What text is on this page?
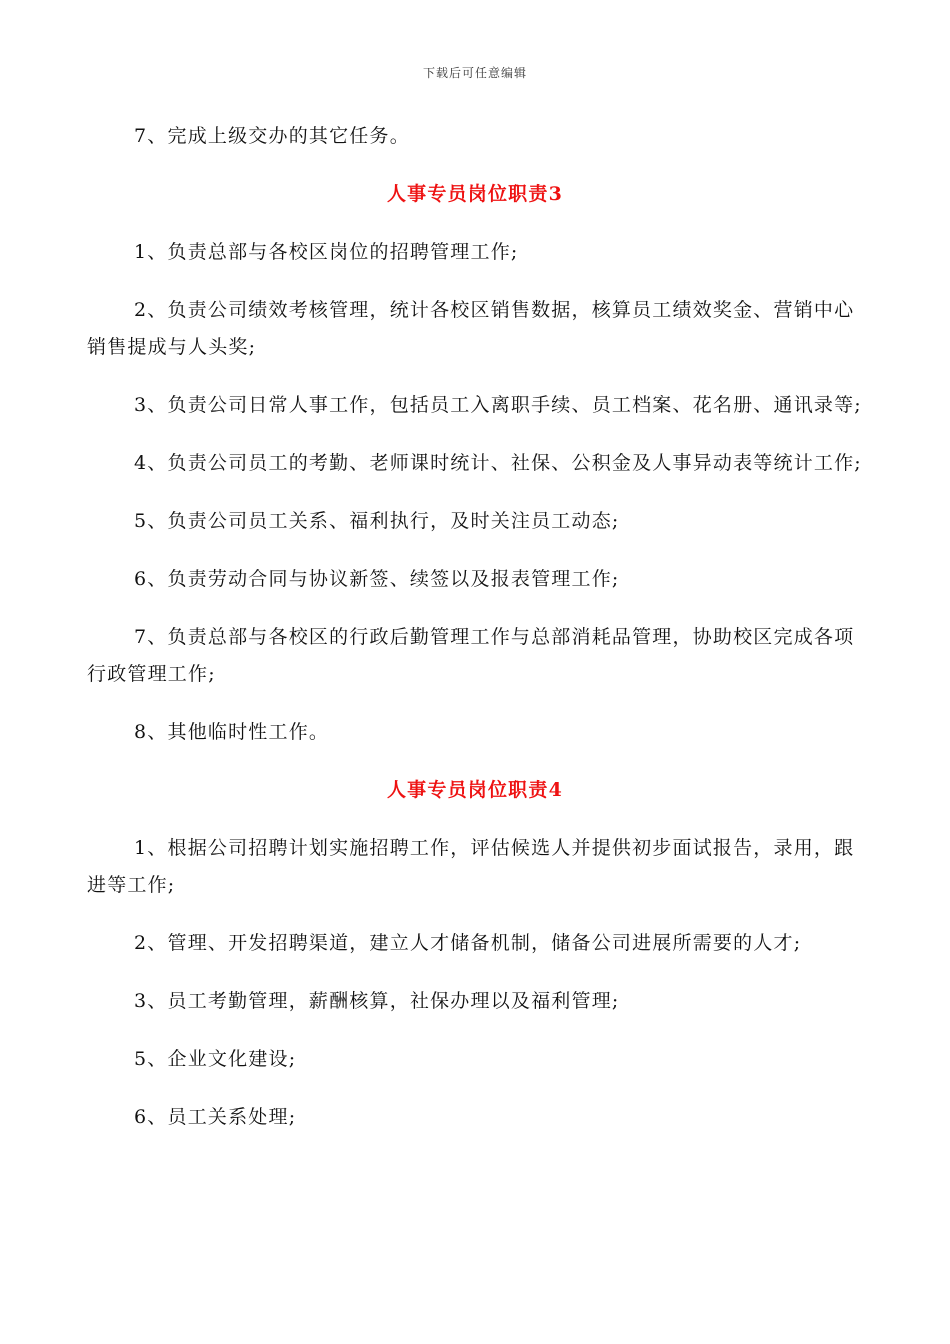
下载后可任意编辑

7、完成上级交办的其它任务。

人事专员岗位职责3

1、负责总部与各校区岗位的招聘管理工作;

2、负责公司绩效考核管理，统计各校区销售数据，核算员工绩效奖金、营销中心销售提成与人头奖;

3、负责公司日常人事工作，包括员工入离职手续、员工档案、花名册、通讯录等;

4、负责公司员工的考勤、老师课时统计、社保、公积金及人事异动表等统计工作;

5、负责公司员工关系、福利执行，及时关注员工动态;

6、负责劳动合同与协议新签、续签以及报表管理工作;

7、负责总部与各校区的行政后勤管理工作与总部消耗品管理，协助校区完成各项行政管理工作;

8、其他临时性工作。

人事专员岗位职责4

1、根据公司招聘计划实施招聘工作，评估候选人并提供初步面试报告，录用，跟进等工作;

2、管理、开发招聘渠道，建立人才储备机制，储备公司进展所需要的人才;

3、员工考勤管理，薪酬核算，社保办理以及福利管理;

5、企业文化建设;

6、员工关系处理;
